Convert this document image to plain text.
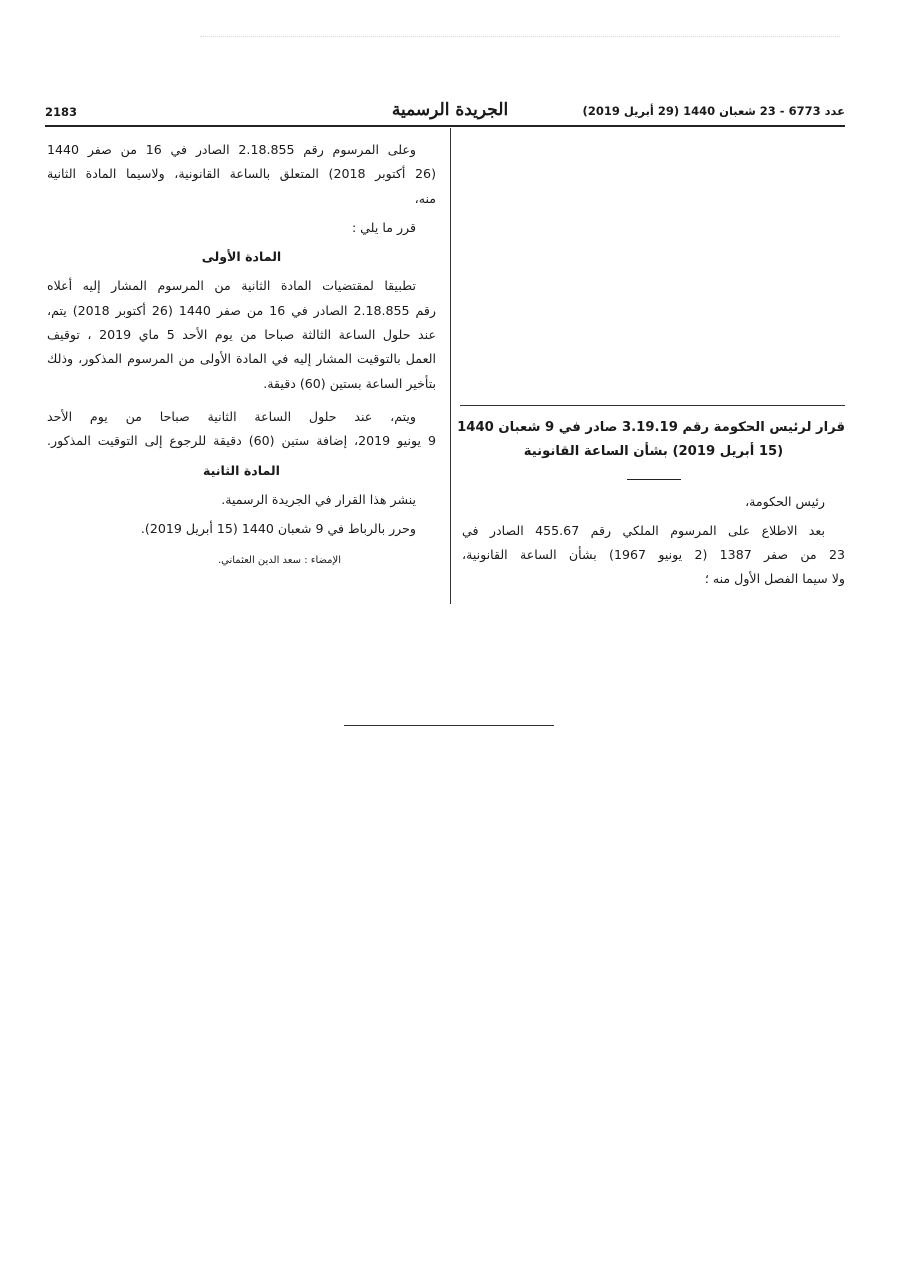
عدد 6773 - 23 شعبان 1440 (29 أبريل 2019)
الجريدة الرسمية
2183

وعلى المرسوم رقم 2.18.855 الصادر في 16 من صفر 1440

(26 أكتوبر 2018) المتعلق بالساعة القانونية، ولاسيما المادة الثانية

منه،

قرر ما يلي :

المادة الأولى

تطبيقا لمقتضيات المادة الثانية من المرسوم المشار إليه أعلاه

رقم 2.18.855 الصادر في 16 من صفر 1440 (26 أكتوبر 2018) يتم،

عند حلول الساعة الثالثة صباحا من يوم الأحد 5 ماي 2019 ، توقيف

العمل بالتوقيت المشار إليه في المادة الأولى من المرسوم المذكور، وذلك

بتأخير الساعة بستين (60) دقيقة.

ويتم، عند حلول الساعة الثانية صباحا من يوم الأحد

9 يونيو 2019، إضافة ستين (60) دقيقة للرجوع إلى التوقيت المذكور.

المادة الثانية

ينشر هذا القرار في الجريدة الرسمية.

وحرر بالرباط في 9 شعبان 1440 (15 أبريل 2019).

الإمضاء : سعد الدين العثماني.

قرار لرئيس الحكومة رقم 3.19.19 صادر في 9 شعبان 1440

(15 أبريل 2019) بشأن الساعة القانونية

رئيس الحكومة،

بعد الاطلاع على المرسوم الملكي رقم 455.67 الصادر في

23 من صفر 1387 (2 يونيو 1967) بشأن الساعة القانونية،

ولا سيما الفصل الأول منه ؛
